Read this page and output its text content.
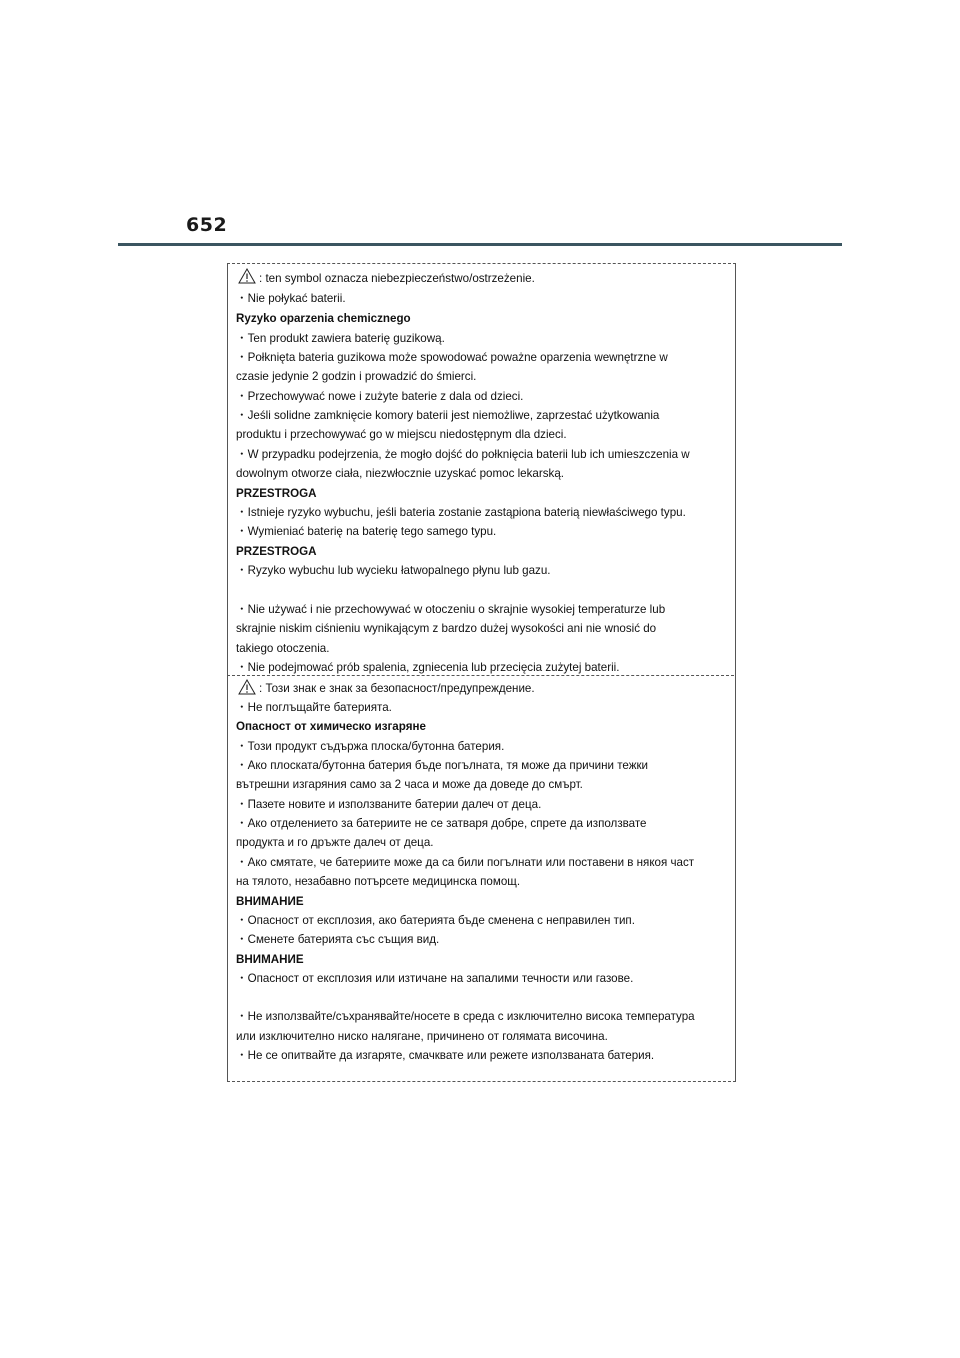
652
: ten symbol oznacza niebezpieczeństwo/ostrzeżenie.
・Nie połykać baterii.
Ryzyko oparzenia chemicznego
・Ten produkt zawiera baterię guzikową.
・Połknięta bateria guzikowa może spowodować poważne oparzenia wewnętrzne w
czasie jedynie 2 godzin i prowadzić do śmierci.
・Przechowywać nowe i zużyte baterie z dala od dzieci.
・Jeśli solidne zamknięcie komory baterii jest niemożliwe, zaprzestać użytkowania
produktu i przechowywać go w miejscu niedostępnym dla dzieci.
・W przypadku podejrzenia, że mogło dojść do połknięcia baterii lub ich umieszczenia w
dowolnym otworze ciała, niezwłocznie uzyskać pomoc lekarską.
PRZESTROGA
・Istnieje ryzyko wybuchu, jeśli bateria zostanie zastąpiona baterią niewłaściwego typu.
・Wymieniać baterię na baterię tego samego typu.
PRZESTROGA
・Ryzyko wybuchu lub wycieku łatwopalnego płynu lub gazu.
・Nie używać i nie przechowywać w otoczeniu o skrajnie wysokiej temperaturze lub
skrajnie niskim ciśnieniu wynikającym z bardzo dużej wysokości ani nie wnosić do
takiego otoczenia.
・Nie podejmować prób spalenia, zgniecenia lub przecięcia zużytej baterii.
: Този знак е знак за безопасност/предупреждение.
・Не поглъщайте батерията.
Опасност от химическо изгаряне
・Този продукт съдържа плоска/бутонна батерия.
・Ако плоската/бутонна батерия бъде погълната, тя може да причини тежки
вътрешни изгаряния само за 2 часа и може да доведе до смърт.
・Пазете новите и използваните батерии далеч от деца.
・Ако отделението за батериите не се затваря добре, спрете да използвате
продукта и го дръжте далеч от деца.
・Ако смятате, че батериите може да са били погълнати или поставени в някоя част
на тялото, незабавно потърсете медицинска помощ.
ВНИМАНИЕ
・Опасност от експлозия, ако батерията бъде сменена с неправилен тип.
・Сменете батерията със същия вид.
ВНИМАНИЕ
・Опасност от експлозия или изтичане на запалими течности или газове.
・Не използвайте/съхранявайте/носете в среда с изключително висока температура
или изключително ниско налягане, причинено от голямата височина.
・Не се опитвайте да изгаряте, смачквате или режете използваната батерия.
